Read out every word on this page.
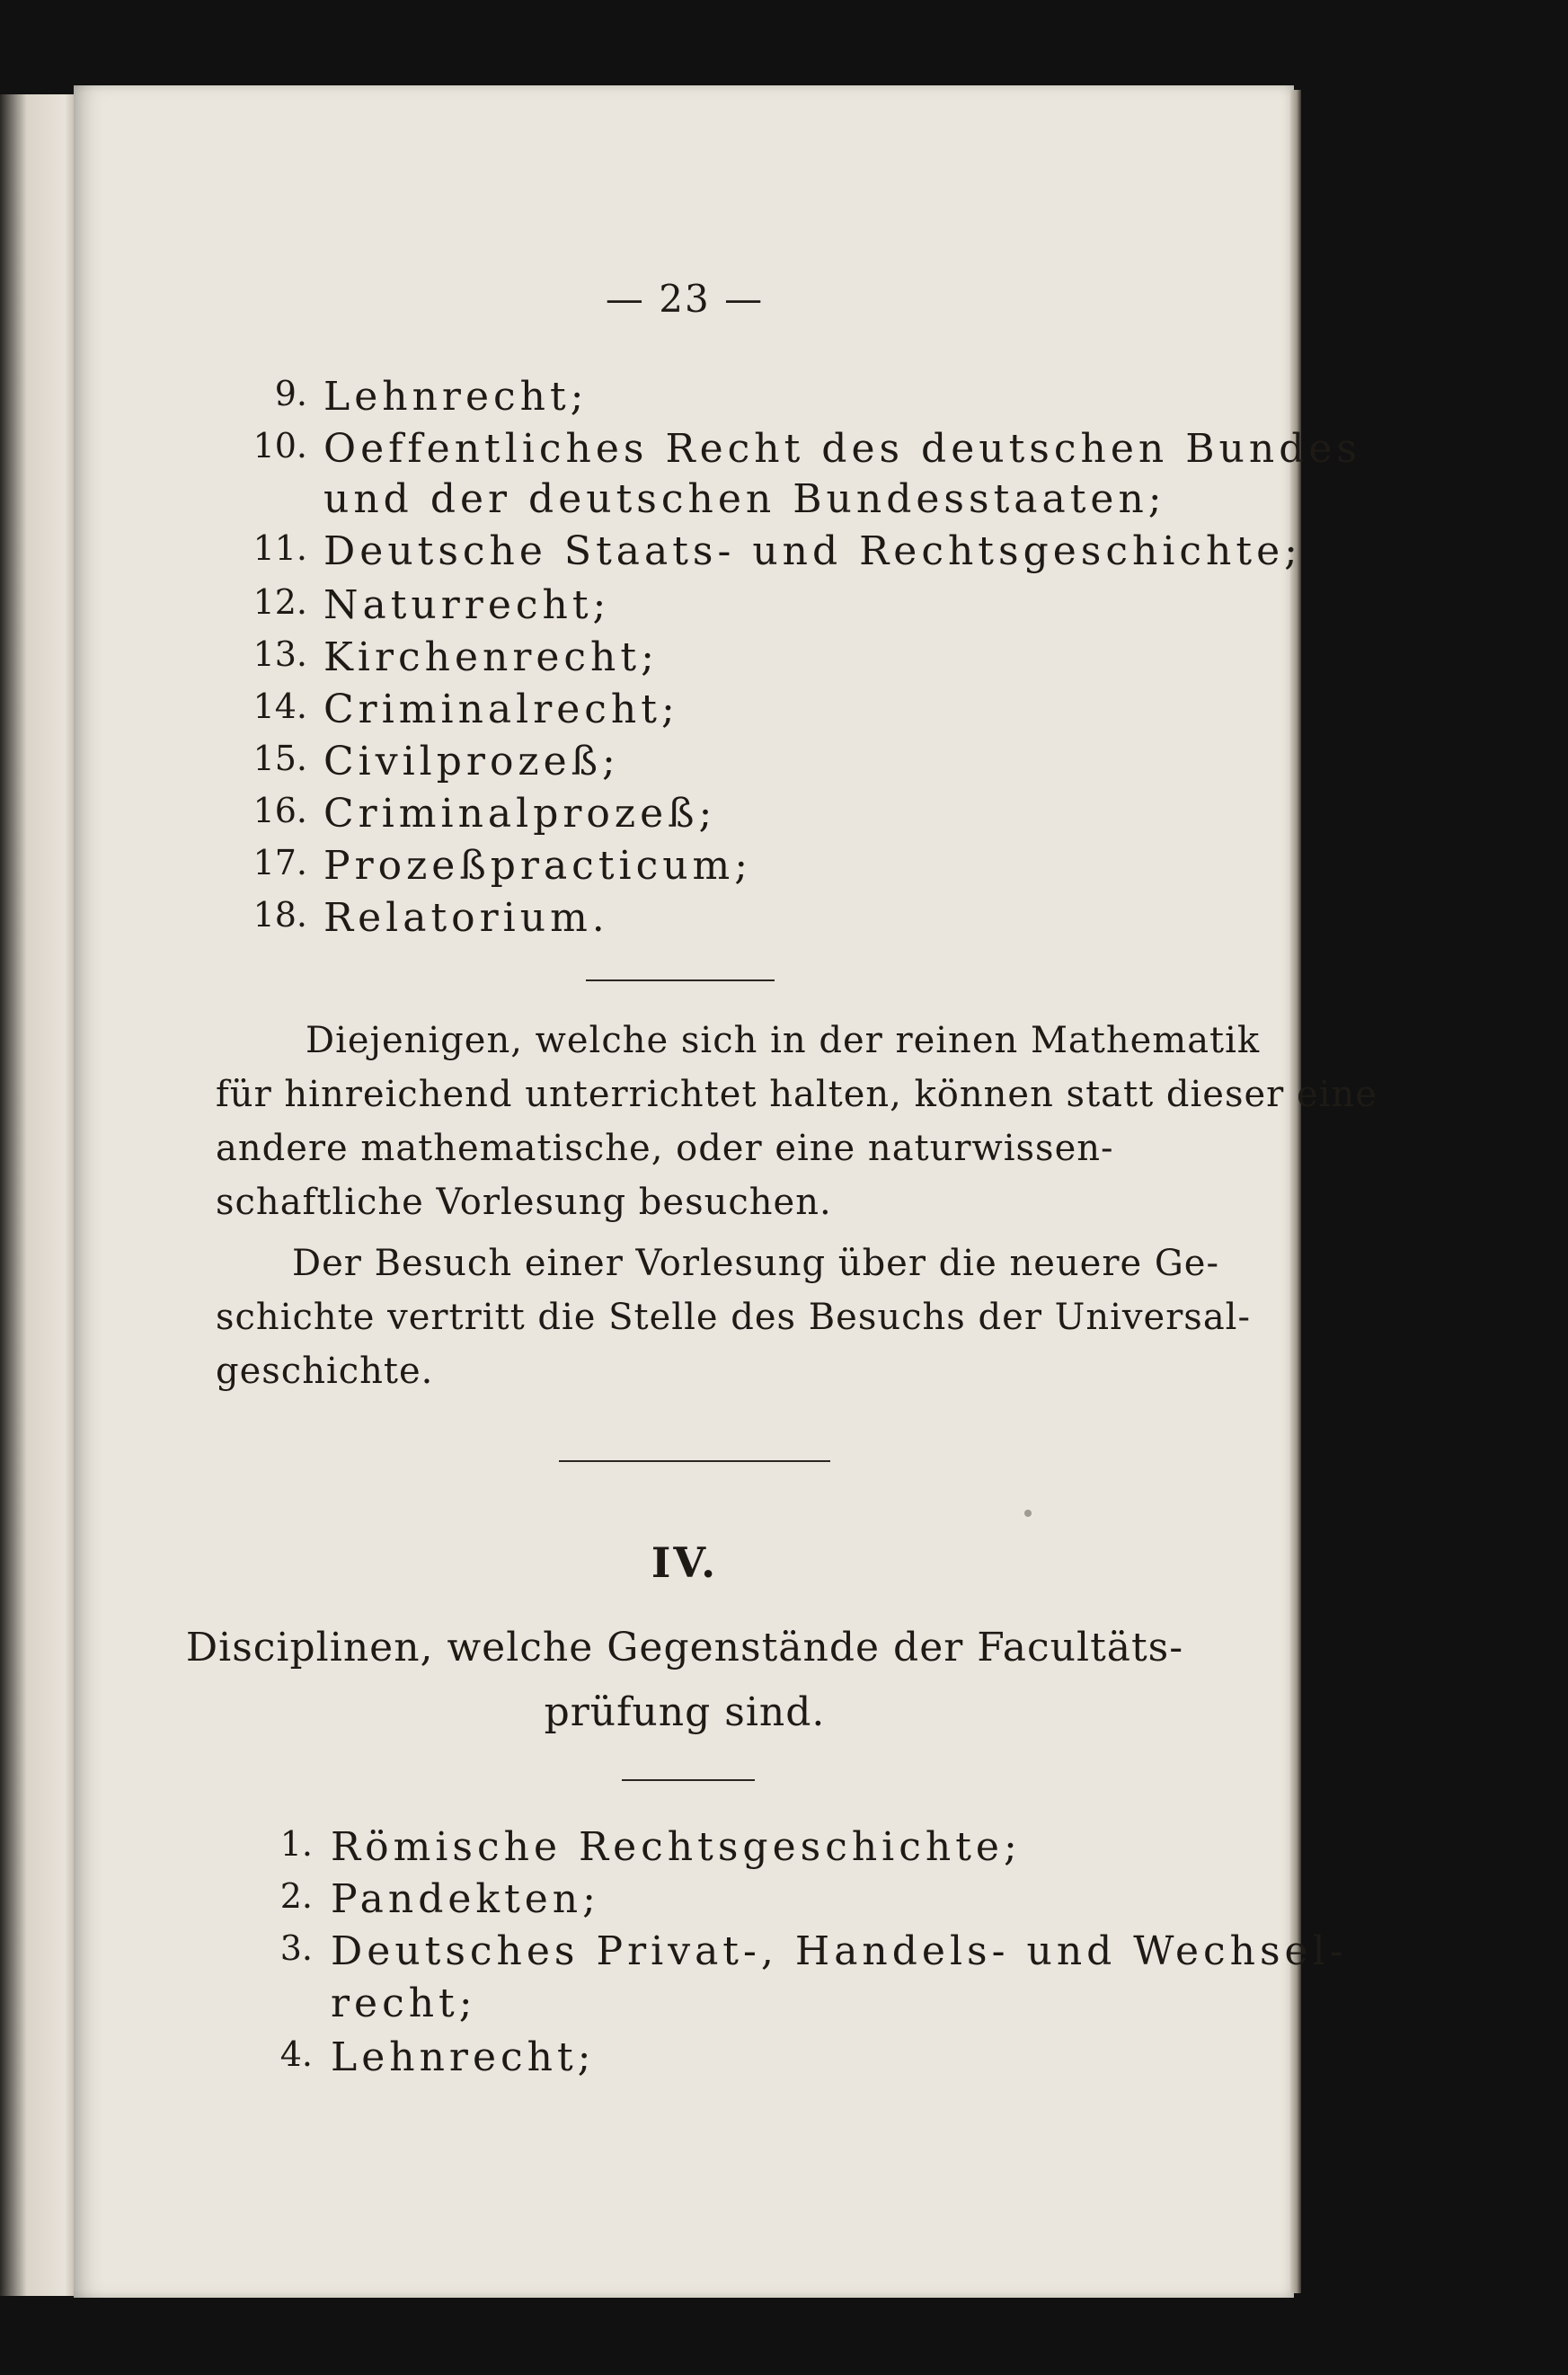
— 23 —
9. Lehnrecht;
10. Oeffentliches Recht des deutschen Bundes
und der deutschen Bundesstaaten;
11. Deutsche Staats- und Rechtsgeschichte;
12. Naturrecht;
13. Kirchenrecht;
14. Criminalrecht;
15. Civilprozeß;
16. Criminalprozeß;
17. Prozeßpracticum;
18. Relatorium.
Diejenigen, welche sich in der reinen Mathematik
für hinreichend unterrichtet halten, können statt dieser eine
andere mathematische, oder eine naturwissen-
schaftliche Vorlesung besuchen.
Der Besuch einer Vorlesung über die neuere Ge-
schichte vertritt die Stelle des Besuchs der Universal-
geschichte.
IV.
Disciplinen, welche Gegenstände der Facultäts-
prüfung sind.
1. Römische Rechtsgeschichte;
2. Pandekten;
3. Deutsches Privat-, Handels- und Wechsel-
recht;
4. Lehnrecht;
